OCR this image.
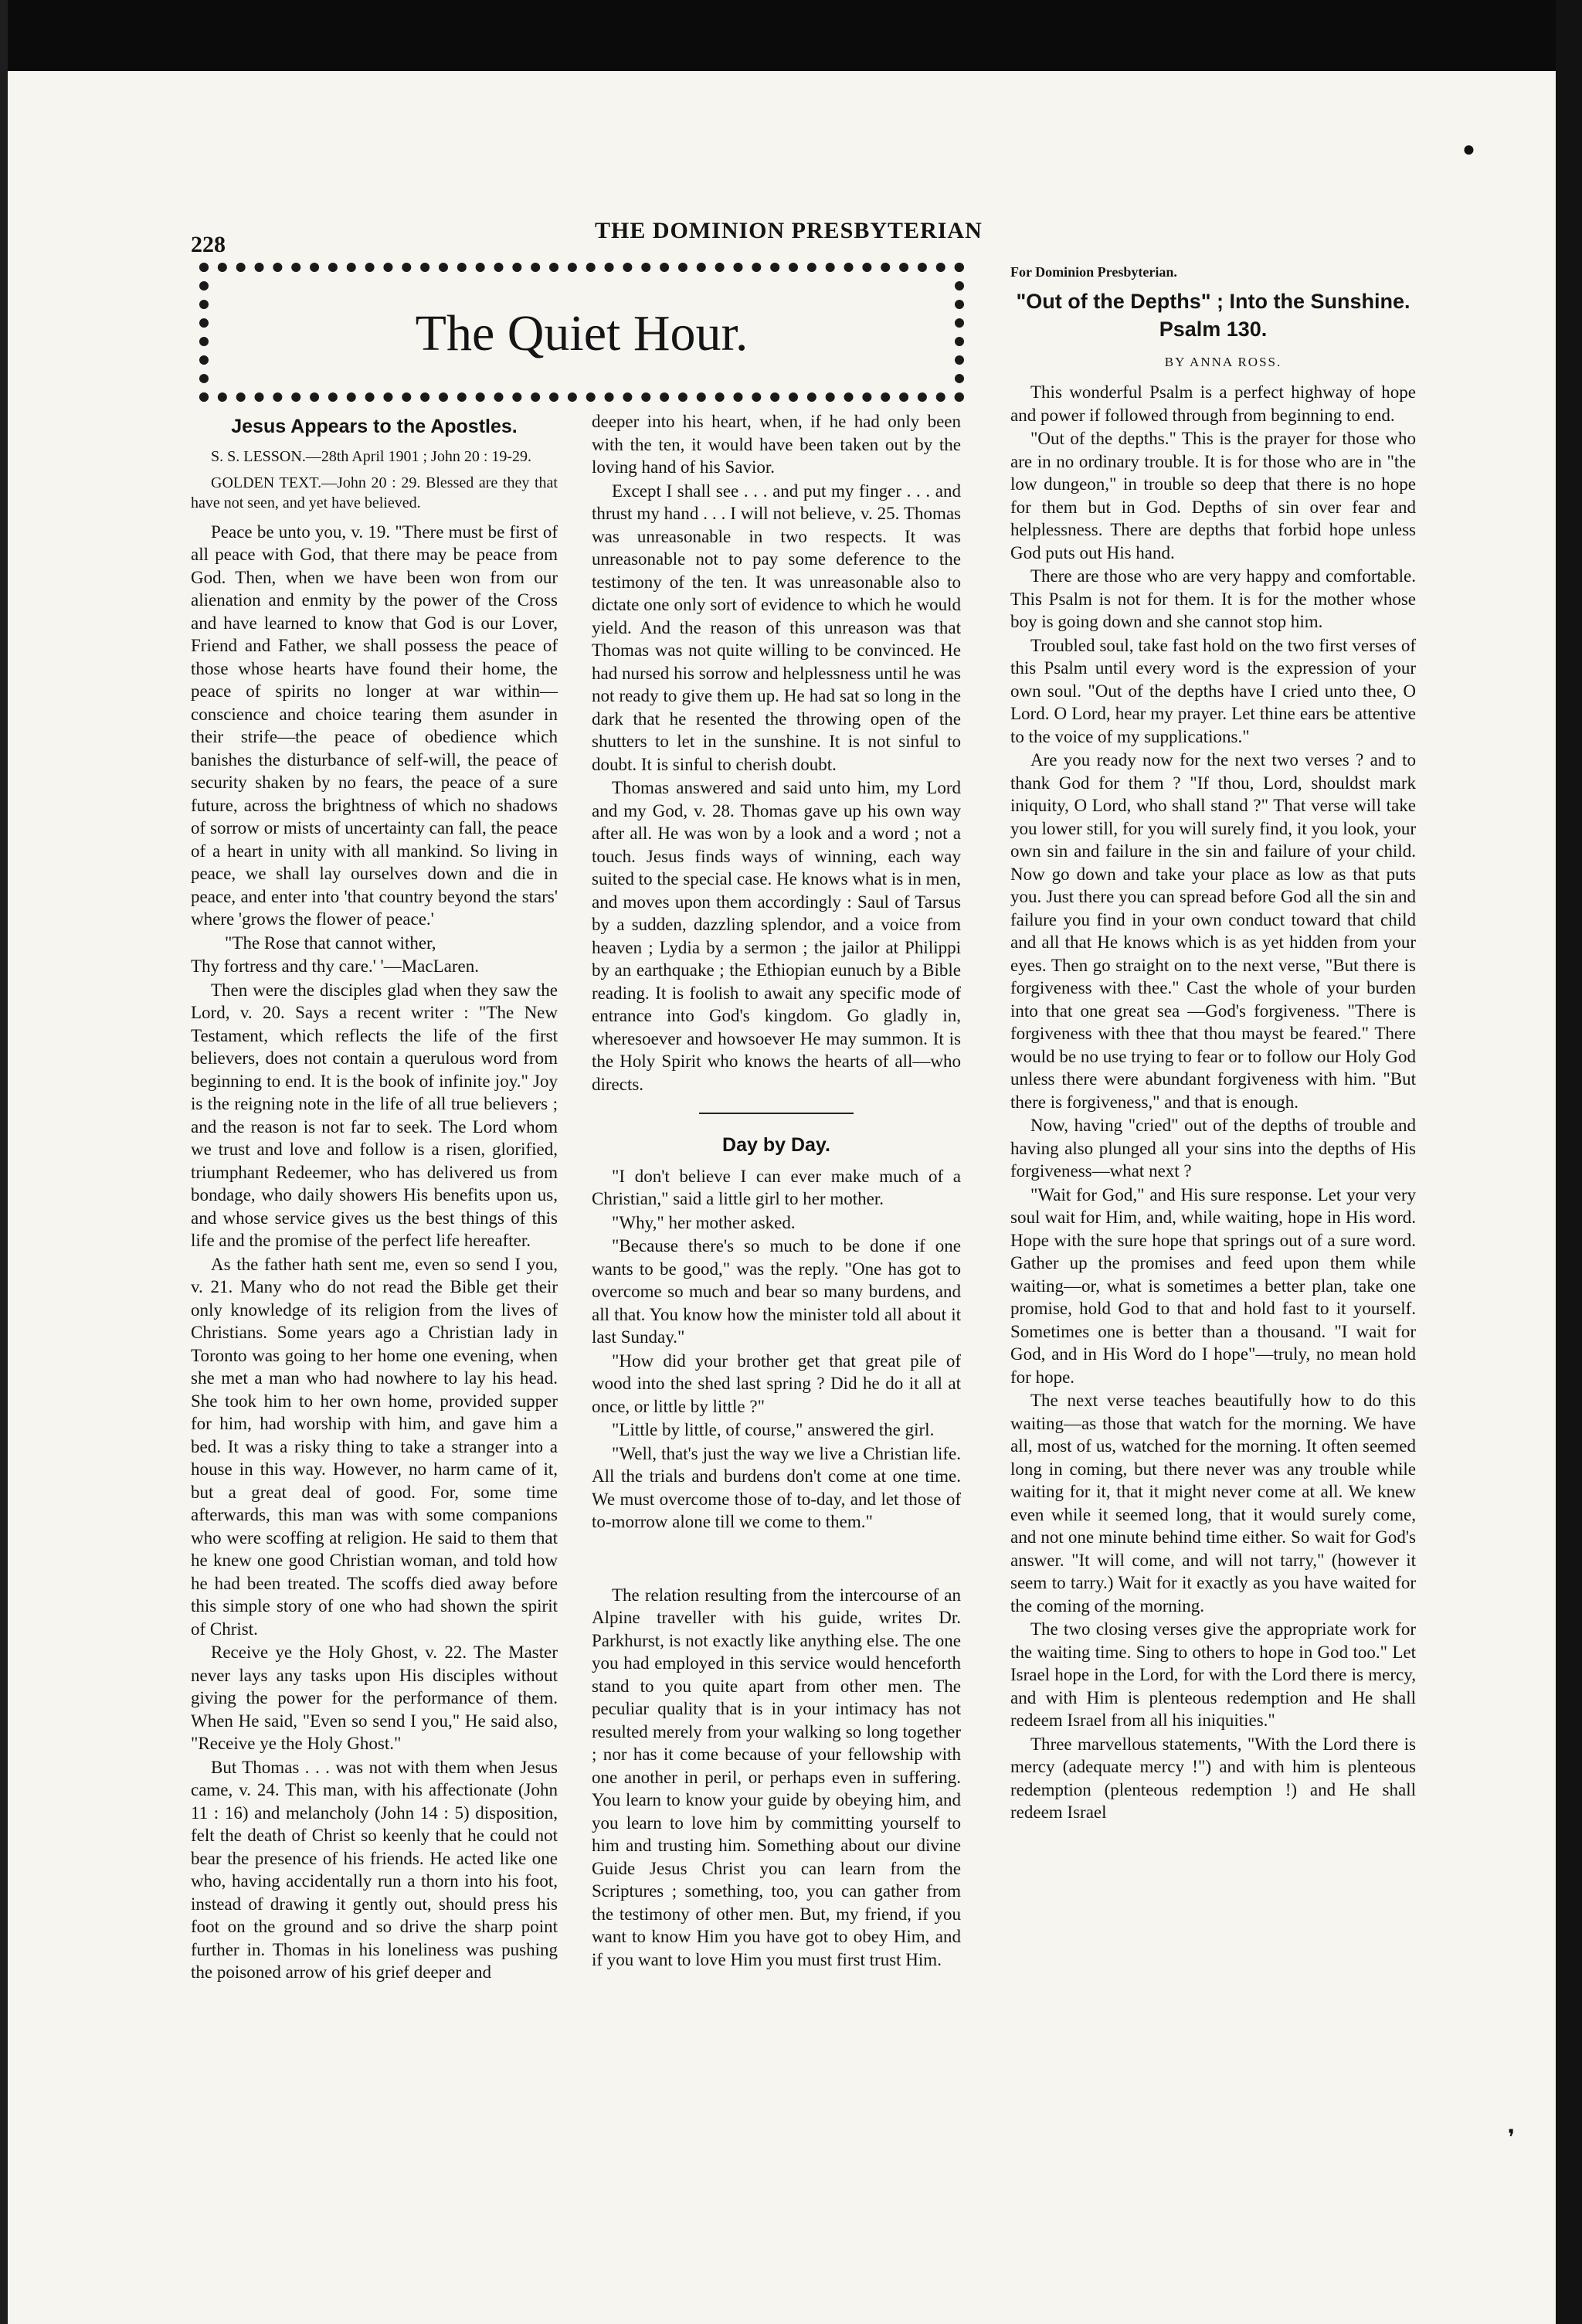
●
❜
228
THE DOMINION PRESBYTERIAN
The Quiet Hour.
Jesus Appears to the Apostles.

S. S. LESSON.—28th April 1901 ; John 20 : 19-29.

GOLDEN TEXT.—John 20 : 29. Blessed are they that have not seen, and yet have believed.

Peace be unto you, v. 19. "There must be first of all peace with God, that there may be peace from God. Then, when we have been won from our alienation and enmity by the power of the Cross and have learned to know that God is our Lover, Friend and Father, we shall possess the peace of those whose hearts have found their home, the peace of spirits no longer at war within—conscience and choice tearing them asunder in their strife—the peace of obedience which banishes the disturbance of self-will, the peace of security shaken by no fears, the peace of a sure future, across the brightness of which no shadows of sorrow or mists of uncertainty can fall, the peace of a heart in unity with all mankind. So living in peace, we shall lay ourselves down and die in peace, and enter into 'that country beyond the stars' where 'grows the flower of peace.'

"The Rose that cannot wither,

Thy fortress and thy care.' '—MacLaren.

Then were the disciples glad when they saw the Lord, v. 20. Says a recent writer : "The New Testament, which reflects the life of the first believers, does not contain a querulous word from beginning to end. It is the book of infinite joy." Joy is the reigning note in the life of all true believers ; and the reason is not far to seek. The Lord whom we trust and love and follow is a risen, glorified, triumphant Redeemer, who has delivered us from bondage, who daily showers His benefits upon us, and whose service gives us the best things of this life and the promise of the perfect life hereafter.

As the father hath sent me, even so send I you, v. 21. Many who do not read the Bible get their only knowledge of its religion from the lives of Christians. Some years ago a Christian lady in Toronto was going to her home one evening, when she met a man who had nowhere to lay his head. She took him to her own home, provided supper for him, had worship with him, and gave him a bed. It was a risky thing to take a stranger into a house in this way. However, no harm came of it, but a great deal of good. For, some time afterwards, this man was with some companions who were scoffing at religion. He said to them that he knew one good Christian woman, and told how he had been treated. The scoffs died away before this simple story of one who had shown the spirit of Christ.

Receive ye the Holy Ghost, v. 22. The Master never lays any tasks upon His disciples without giving the power for the performance of them. When He said, "Even so send I you," He said also, "Receive ye the Holy Ghost."

But Thomas . . . was not with them when Jesus came, v. 24. This man, with his affectionate (John 11 : 16) and melancholy (John 14 : 5) disposition, felt the death of Christ so keenly that he could not bear the presence of his friends. He acted like one who, having accidentally run a thorn into his foot, instead of drawing it gently out, should press his foot on the ground and so drive the sharp point further in. Thomas in his loneliness was pushing the poisoned arrow of his grief deeper and

deeper into his heart, when, if he had only been with the ten, it would have been taken out by the loving hand of his Savior.

Except I shall see . . . and put my finger . . . and thrust my hand . . . I will not believe, v. 25. Thomas was unreasonable in two respects. It was unreasonable not to pay some deference to the testimony of the ten. It was unreasonable also to dictate one only sort of evidence to which he would yield. And the reason of this unreason was that Thomas was not quite willing to be convinced. He had nursed his sorrow and helplessness until he was not ready to give them up. He had sat so long in the dark that he resented the throwing open of the shutters to let in the sunshine. It is not sinful to doubt. It is sinful to cherish doubt.

Thomas answered and said unto him, my Lord and my God, v. 28. Thomas gave up his own way after all. He was won by a look and a word ; not a touch. Jesus finds ways of winning, each way suited to the special case. He knows what is in men, and moves upon them accordingly : Saul of Tarsus by a sudden, dazzling splendor, and a voice from heaven ; Lydia by a sermon ; the jailor at Philippi by an earthquake ; the Ethiopian eunuch by a Bible reading. It is foolish to await any specific mode of entrance into God's kingdom. Go gladly in, wheresoever and howsoever He may summon. It is the Holy Spirit who knows the hearts of all—who directs.

Day by Day.

"I don't believe I can ever make much of a Christian," said a little girl to her mother.

"Why," her mother asked.

"Because there's so much to be done if one wants to be good," was the reply. "One has got to overcome so much and bear so many burdens, and all that. You know how the minister told all about it last Sunday."

"How did your brother get that great pile of wood into the shed last spring ? Did he do it all at once, or little by little ?"

"Little by little, of course," answered the girl.

"Well, that's just the way we live a Christian life. All the trials and burdens don't come at one time. We must overcome those of to-day, and let those of to-morrow alone till we come to them."

The relation resulting from the intercourse of an Alpine traveller with his guide, writes Dr. Parkhurst, is not exactly like anything else. The one you had employed in this service would henceforth stand to you quite apart from other men. The peculiar quality that is in your intimacy has not resulted merely from your walking so long together ; nor has it come because of your fellowship with one another in peril, or perhaps even in suffering. You learn to know your guide by obeying him, and you learn to love him by committing yourself to him and trusting him. Something about our divine Guide Jesus Christ you can learn from the Scriptures ; something, too, you can gather from the testimony of other men. But, my friend, if you want to know Him you have got to obey Him, and if you want to love Him you must first trust Him.

For Dominion Presbyterian.

"Out of the Depths" ; Into the Sunshine. Psalm 130.

BY ANNA ROSS.

This wonderful Psalm is a perfect highway of hope and power if followed through from beginning to end.

"Out of the depths." This is the prayer for those who are in no ordinary trouble. It is for those who are in "the low dungeon," in trouble so deep that there is no hope for them but in God. Depths of sin over fear and helplessness. There are depths that forbid hope unless God puts out His hand.

There are those who are very happy and comfortable. This Psalm is not for them. It is for the mother whose boy is going down and she cannot stop him.

Troubled soul, take fast hold on the two first verses of this Psalm until every word is the expression of your own soul. "Out of the depths have I cried unto thee, O Lord. O Lord, hear my prayer. Let thine ears be attentive to the voice of my supplications."

Are you ready now for the next two verses ? and to thank God for them ? "If thou, Lord, shouldst mark iniquity, O Lord, who shall stand ?" That verse will take you lower still, for you will surely find, it you look, your own sin and failure in the sin and failure of your child. Now go down and take your place as low as that puts you. Just there you can spread before God all the sin and failure you find in your own conduct toward that child and all that He knows which is as yet hidden from your eyes. Then go straight on to the next verse, "But there is forgiveness with thee." Cast the whole of your burden into that one great sea —God's forgiveness. "There is forgiveness with thee that thou mayst be feared." There would be no use trying to fear or to follow our Holy God unless there were abundant forgiveness with him. "But there is forgiveness," and that is enough.

Now, having "cried" out of the depths of trouble and having also plunged all your sins into the depths of His forgiveness—what next ?

"Wait for God," and His sure response. Let your very soul wait for Him, and, while waiting, hope in His word. Hope with the sure hope that springs out of a sure word. Gather up the promises and feed upon them while waiting—or, what is sometimes a better plan, take one promise, hold God to that and hold fast to it yourself. Sometimes one is better than a thousand. "I wait for God, and in His Word do I hope"—truly, no mean hold for hope.

The next verse teaches beautifully how to do this waiting—as those that watch for the morning. We have all, most of us, watched for the morning. It often seemed long in coming, but there never was any trouble while waiting for it, that it might never come at all. We knew even while it seemed long, that it would surely come, and not one minute behind time either. So wait for God's answer. "It will come, and will not tarry," (however it seem to tarry.) Wait for it exactly as you have waited for the coming of the morning.

The two closing verses give the appropriate work for the waiting time. Sing to others to hope in God too." Let Israel hope in the Lord, for with the Lord there is mercy, and with Him is plenteous redemption and He shall redeem Israel from all his iniquities."

Three marvellous statements, "With the Lord there is mercy (adequate mercy !") and with him is plenteous redemption (plenteous redemption !) and He shall redeem Israel
